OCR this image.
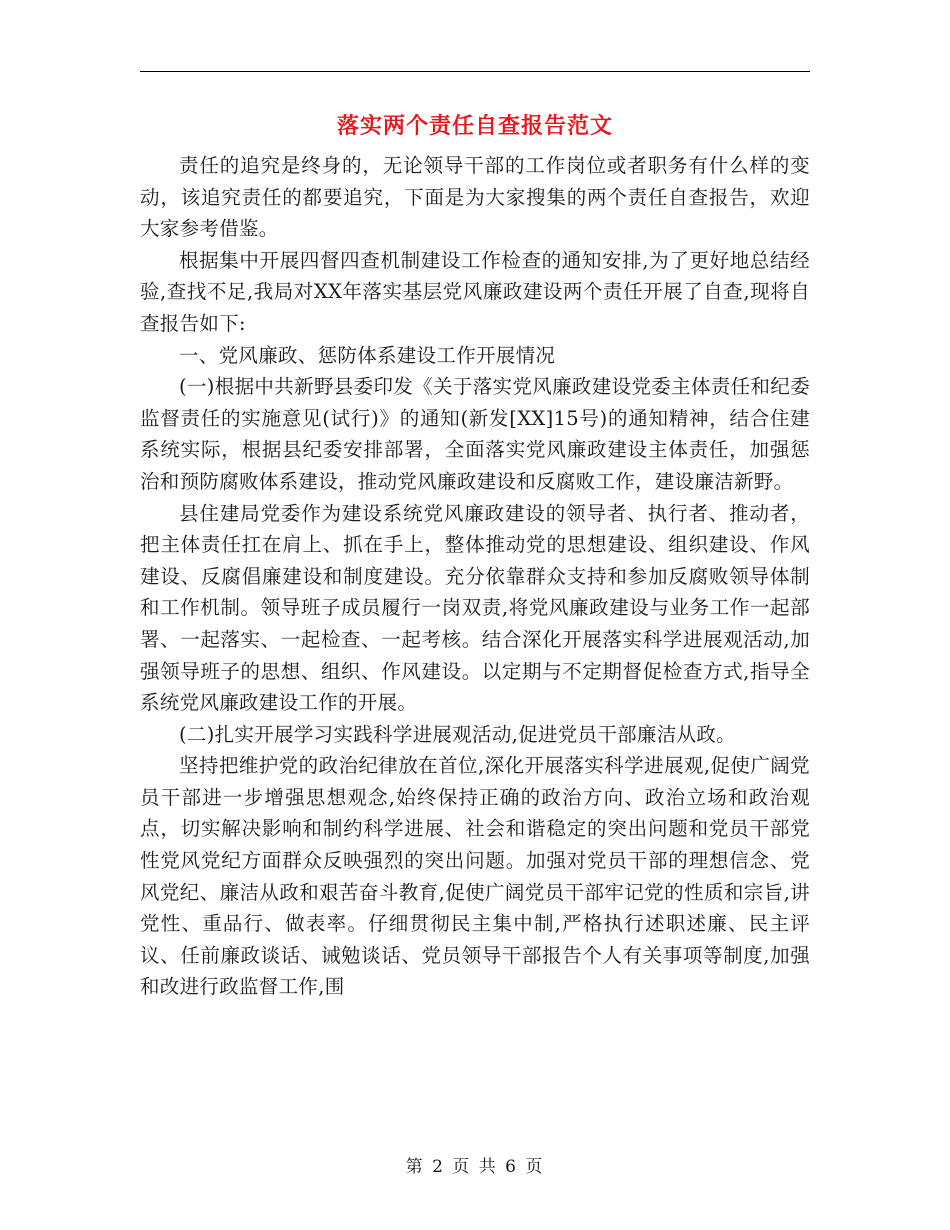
落实两个责任自查报告范文

责任的追究是终身的，无论领导干部的工作岗位或者职务有什么样的变动，该追究责任的都要追究，下面是为大家搜集的两个责任自查报告，欢迎大家参考借鉴。

根据集中开展四督四查机制建设工作检查的通知安排,为了更好地总结经验,查找不足,我局对XX年落实基层党风廉政建设两个责任开展了自查,现将自查报告如下:

一、党风廉政、惩防体系建设工作开展情况

(一)根据中共新野县委印发《关于落实党风廉政建设党委主体责任和纪委监督责任的实施意见(试行)》的通知(新发[XX]15号)的通知精神，结合住建系统实际，根据县纪委安排部署，全面落实党风廉政建设主体责任，加强惩治和预防腐败体系建设，推动党风廉政建设和反腐败工作，建设廉洁新野。

县住建局党委作为建设系统党风廉政建设的领导者、执行者、推动者，把主体责任扛在肩上、抓在手上，整体推动党的思想建设、组织建设、作风建设、反腐倡廉建设和制度建设。充分依靠群众支持和参加反腐败领导体制和工作机制。领导班子成员履行一岗双责,将党风廉政建设与业务工作一起部署、一起落实、一起检查、一起考核。结合深化开展落实科学进展观活动,加强领导班子的思想、组织、作风建设。以定期与不定期督促检查方式,指导全系统党风廉政建设工作的开展。

(二)扎实开展学习实践科学进展观活动,促进党员干部廉洁从政。

坚持把维护党的政治纪律放在首位,深化开展落实科学进展观,促使广阔党员干部进一步增强思想观念,始终保持正确的政治方向、政治立场和政治观点，切实解决影响和制约科学进展、社会和谐稳定的突出问题和党员干部党性党风党纪方面群众反映强烈的突出问题。加强对党员干部的理想信念、党风党纪、廉洁从政和艰苦奋斗教育,促使广阔党员干部牢记党的性质和宗旨,讲党性、重品行、做表率。仔细贯彻民主集中制,严格执行述职述廉、民主评议、任前廉政谈话、诫勉谈话、党员领导干部报告个人有关事项等制度,加强和改进行政监督工作,围

第 2 页 共 6 页
